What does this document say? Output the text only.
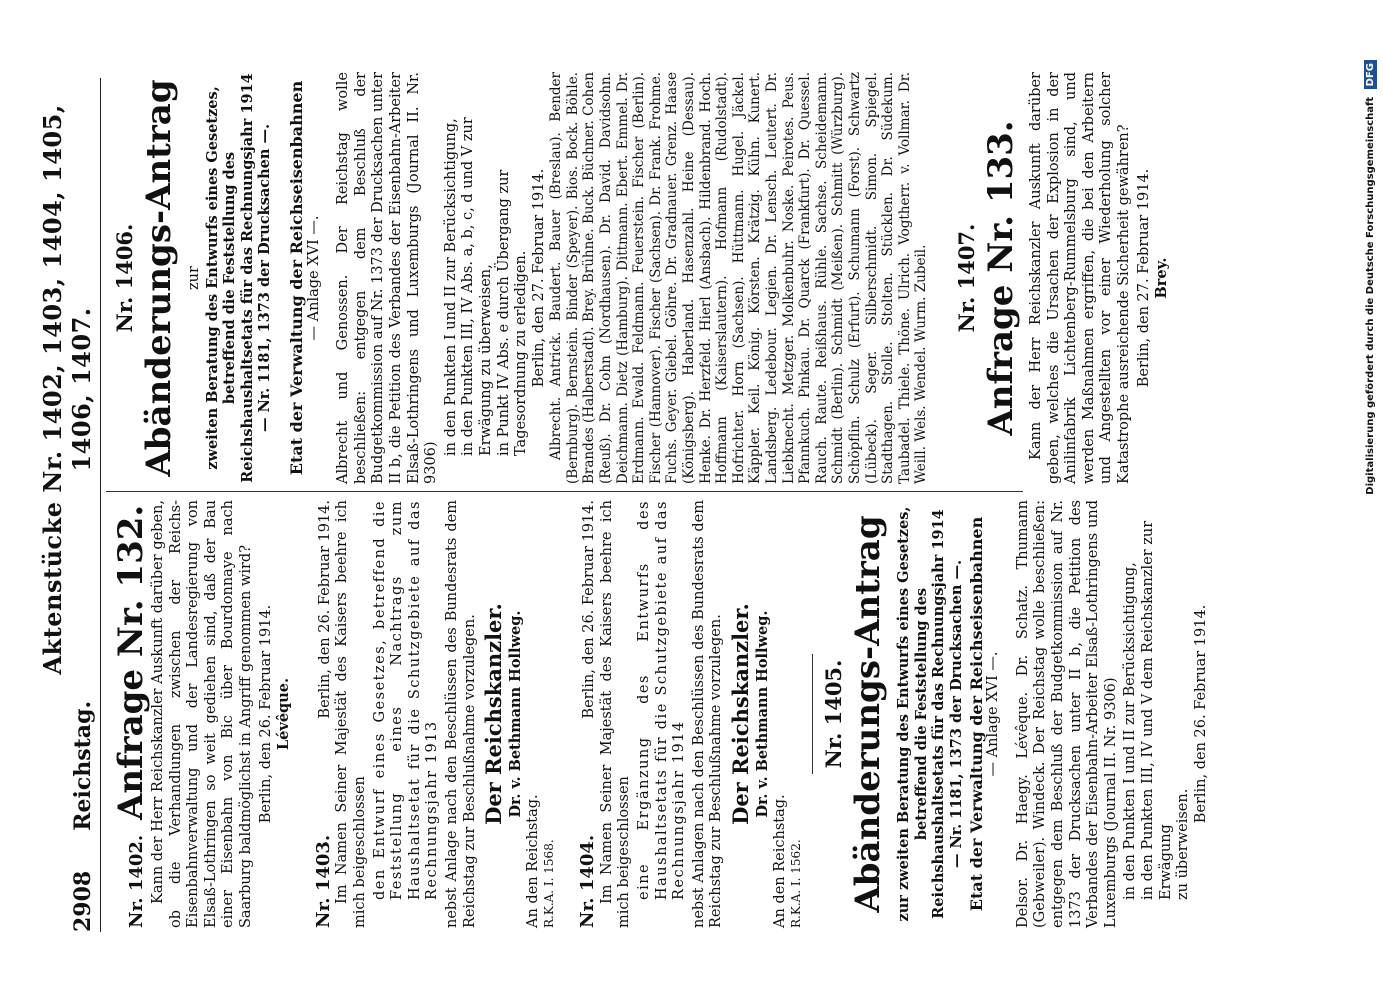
2908
Reichstag.
Aktenstücke Nr. 1402, 1403, 1404, 1405, 1406, 1407.
Nr. 1402.
Anfrage Nr. 132. Kann der Herr Reichskanzler Auskunft darüber geben, ob die Verhandlungen zwischen der Reichs-Eisenbahnverwaltung und der Landesregierung von Elsaß-Lothringen so weit gediehen sind, daß der Bau einer Eisenbahn von Bic über Bourdonnaye nach Saarburg baldmöglichst in Angriff genommen wird? Berlin, den 26. Februar 1914. Lévêque.
Nr. 1403.
Berlin, den 26. Februar 1914. Im Namen Seiner Majestät des Kaisers beehre ich mich beigeschlossen den Entwurf eines Gesetzes, betreffend die Feststellung eines Nachtrags zum Haushaltsetat für die Schutzgebiete auf das Rechnungsjahr 1913 nebst Anlage nach den Beschlüssen des Bundesrats dem Reichstag zur Beschlußnahme vorzulegen. Der Reichskanzler. Dr. v. Bethmann Hollweg.
An den Reichstag. R.K.A. I. 1568. Nr. 1404.
Berlin, den 26. Februar 1914. Im Namen Seiner Majestät des Kaisers beehre ich mich beigeschlossen eine Ergänzung des Entwurfs des Haushaltsetats für die Schutzgebiete auf das Rechnungsjahr 1914 nebst Anlagen nach den Beschlüssen des Bundesrats dem Reichstag zur Beschlußnahme vorzulegen. Der Reichskanzler. Dr. v. Bethmann Hollweg.
An den Reichstag. R.K.A. I. 1562.
Nr. 1405. Abänderungs-Antrag zur zweiten Beratung des Entwurfs eines Gesetzes, betreffend die Feststellung des Reichshaushaltsetats für das Rechnungsjahr 1914 — Nr. 1181, 1373 der Drucksachen —. Etat der Verwaltung der Reichseisenbahnen — Anlage XVI —. Delsor. Dr. Haegy. Lévêque. Dr. Schatz. Thumann (Gebweiler). Windeck. Der Reichstag wolle beschließen: entgegen dem Beschluß der Budgetkommission auf Nr. 1373 der Drucksachen unter II b, die Petition des Verbandes der Eisenbahn-Arbeiter Elsaß-Lothringens und Luxemburgs (Journal II. Nr. 9306) in den Punkten I und II zur Berücksichtigung, in den Punkten III, IV und V dem Reichskanzler zur Erwägung zu überweisen.
Berlin, den 26. Februar 1914.
Nr. 1406. Abänderungs-Antrag zur zweiten Beratung des Entwurfs eines Gesetzes, betreffend die Feststellung des Reichshaushaltsetats für das Rechnungsjahr 1914 — Nr. 1181, 1373 der Drucksachen —. Etat der Verwaltung der Reichseisenbahnen — Anlage XVI —. Albrecht und Genossen. Der Reichstag wolle beschließen: entgegen dem Beschluß der Budgetkommission auf Nr. 1373 der Drucksachen unter II b, die Petition des Verbandes der Eisenbahn-Arbeiter Elsaß-Lothringens und Luxemburgs (Journal II. Nr. 9306)

in den Punkten I und II zur Berücksichtigung, in den Punkten III, IV Abs. a, b, c, d und V zur Erwägung zu überweisen, in Punkt IV Abs. e durch Übergang zur Tagesordnung zu erledigen. Berlin, den 27. Februar 1914. Albrecht. Antrick. Baudert. Bauer (Breslau). Bender (Bernburg). Bernstein. Binder (Speyer). Bios. Bock. Böhle. Brandes (Halberstadt). Brey. Brühne. Buck. Büchner. Cohen (Reuß). Dr. Cohn (Nordhausen). Dr. David. Davidsohn. Deichmann. Dietz (Hamburg). Dittmann. Ebert. Emmel. Dr. Erdmann. Ewald. Feldmann. Feuerstein. Fischer (Berlin). Fischer (Hannover). Fischer (Sachsen). Dr. Frank. Frohme. Fuchs. Geyer. Giebel. Göhre. Dr. Gradnauer. Grenz. Haase (Königsberg). Haberland. Hasenzahl. Heine (Dessau). Henke. Dr. Herzfeld. Hierl (Ansbach). Hildenbrand. Hoch. Hoffmann (Kaiserslautern). Hofmann (Rudolstadt). Hofrichter. Horn (Sachsen). Hüttmann. Hugel. Jäckel. Käppler. Keil. König. Körsten. Krätzig. Kühn. Kunert. Landsberg. Ledebour. Legien. Dr. Lensch. Leutert. Dr. Liebknecht. Metzger. Molkenbuhr. Noske. Peirotes. Peus. Pfannkuch. Pinkau. Dr. Quarck (Frankfurt). Dr. Quessel. Rauch. Raute. Reißhaus. Rühle. Sachse. Scheidemann. Schmidt (Berlin). Schmidt (Meißen). Schmitt (Würzburg). Schöpflin. Schulz (Erfurt). Schumann (Forst). Schwartz (Lübeck). Seger. Silberschmidt. Simon. Spiegel. Stadthagen. Stolle. Stolten. Stücklen. Dr. Südekum. Taubadel. Thiele. Thöne. Ulrich. Vogtherr. v. Vollmar. Dr. Weill. Wels. Wendel. Wurm. Zubeil. Nr. 1407. Anfrage Nr. 133. Kann der Herr Reichskanzler Auskunft darüber geben, welches die Ursachen der Explosion in der Anilinfabrik Lichtenberg-Rummelsburg sind, und werden Maßnahmen ergriffen, die bei den Arbeitern und Angestellten vor einer Wiederholung solcher Katastrophe ausreichende Sicherheit gewähren? Berlin, den 27. Februar 1914. Brey.	Digitalisierung gefördert durch die Deutsche Forschungsgemeinschaft DFG
